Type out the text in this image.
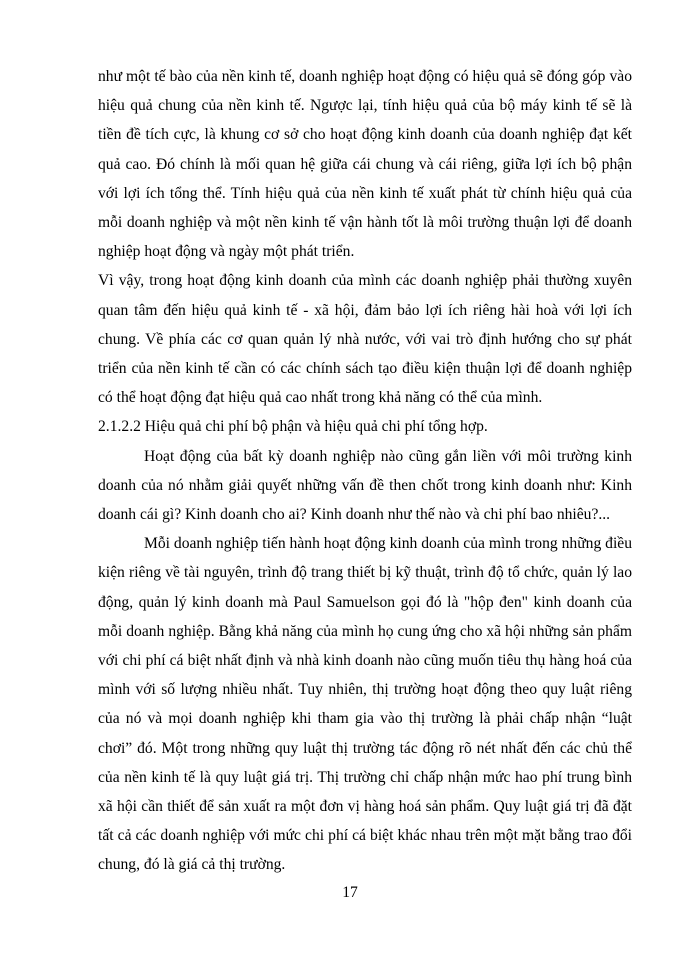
như một tế bào của nền kinh tế, doanh nghiệp hoạt động có hiệu quả sẽ đóng góp vào hiệu quả chung của nền kinh tế. Ngược lại, tính hiệu quả của bộ máy kinh tế sẽ là tiền đề tích cực, là khung cơ sở cho hoạt động kinh doanh của doanh nghiệp đạt kết quả cao. Đó chính là mối quan hệ giữa cái chung và cái riêng, giữa lợi ích bộ phận với lợi ích tổng thể. Tính hiệu quả của nền kinh tế xuất phát từ chính hiệu quả của mỗi doanh nghiệp và một nền kinh tế vận hành tốt là môi trường thuận lợi để doanh nghiệp hoạt động và ngày một phát triển.

Vì vậy, trong hoạt động kinh doanh của mình các doanh nghiệp phải thường xuyên quan tâm đến hiệu quả kinh tế - xã hội, đảm bảo lợi ích riêng hài hoà với lợi ích chung. Về phía các cơ quan quản lý nhà nước, với vai trò định hướng cho sự phát triển của nền kinh tế cần có các chính sách tạo điều kiện thuận lợi để doanh nghiệp có thể hoạt động đạt hiệu quả cao nhất trong khả năng có thể của mình.

2.1.2.2 Hiệu quả chi phí bộ phận và hiệu quả chi phí tổng hợp.

Hoạt động của bất kỳ doanh nghiệp nào cũng gắn liền với môi trường kinh doanh của nó nhằm giải quyết những vấn đề then chốt trong kinh doanh như: Kinh doanh cái gì? Kinh doanh cho ai? Kinh doanh như thế nào và chi phí bao nhiêu?...

Mỗi doanh nghiệp tiến hành hoạt động kinh doanh của mình trong những điều kiện riêng về tài nguyên, trình độ trang thiết bị kỹ thuật, trình độ tổ chức, quản lý lao động, quản lý kinh doanh mà Paul Samuelson gọi đó là "hộp đen" kinh doanh của mỗi doanh nghiệp. Bằng khả năng của mình họ cung ứng cho xã hội những sản phẩm với chi phí cá biệt nhất định và nhà kinh doanh nào cũng muốn tiêu thụ hàng hoá của mình với số lượng nhiều nhất. Tuy nhiên, thị trường hoạt động theo quy luật riêng của nó và mọi doanh nghiệp khi tham gia vào thị trường là phải chấp nhận “luật chơi” đó. Một trong những quy luật thị trường tác động rõ nét nhất đến các chủ thể của nền kinh tế là quy luật giá trị. Thị trường chỉ chấp nhận mức hao phí trung bình xã hội cần thiết để sản xuất ra một đơn vị hàng hoá sản phẩm. Quy luật giá trị đã đặt tất cả các doanh nghiệp với mức chi phí cá biệt khác nhau trên một mặt bằng trao đổi chung, đó là giá cả thị trường.

17
